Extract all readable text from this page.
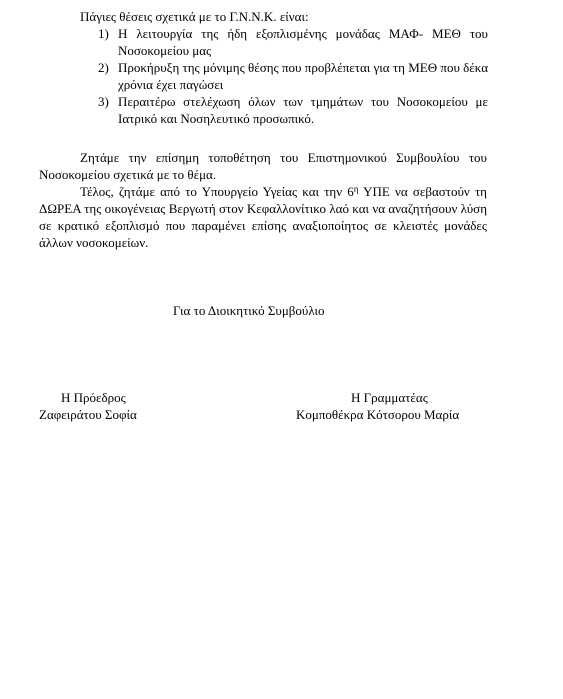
Πάγιες θέσεις σχετικά με το Γ.Ν.Ν.Κ. είναι:
1) Η λειτουργία της ήδη εξοπλισμένης μονάδας ΜΑΦ- ΜΕΘ του Νοσοκομείου μας
2) Προκήρυξη της μόνιμης θέσης που προβλέπεται για τη ΜΕΘ που δέκα χρόνια έχει παγώσει
3) Περαιτέρω στελέχωση όλων των τμημάτων του Νοσοκομείου με Ιατρικό και Νοσηλευτικό προσωπικό.

Ζητάμε την επίσημη τοποθέτηση του Επιστημονικού Συμβουλίου του Νοσοκομείου σχετικά με το θέμα.

Τέλος, ζητάμε από το Υπουργείο Υγείας και την $6^\eta$ ΥΠΕ να σεβαστούν τη ΔΩΡΕΑ της οικογένειας Βεργωτή στον Κεφαλλονίτικο λαό και να αναζητήσουν λύση σε κρατικό εξοπλισμό που παραμένει επίσης αναξιοποίητος σε κλειστές μονάδες άλλων νοσοκομείων.

Για το Διοικητικό Συμβούλιο
Η Πρόεδρος
Ζαφειράτου Σοφία
Η Γραμματέας
Κομποθέκρα Κότσορου Μαρία
